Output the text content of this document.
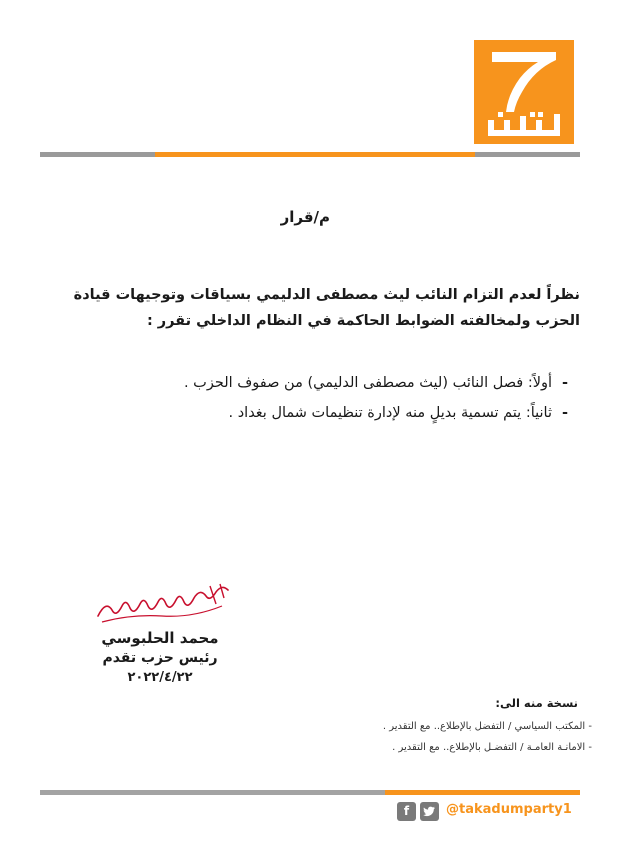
م/قرار
نظراً لعدم التزام النائب ليث مصطفى الدليمي بسياقات وتوجيهات قيادة الحزب ولمخالفته الضوابط الحاكمة في النظام الداخلي تقرر :
- أولاً: فصل النائب (ليث مصطفى الدليمي) من صفوف الحزب .
- ثانياً: يتم تسمية بديلٍ منه لإدارة تنظيمات شمال بغداد .
محمد الحلبوسي
رئيس حزب تقدم
٢٠٢٢/٤/٢٢
نسخة منه الى:
- المكتب السياسي / التفضل بالإطلاع.. مع التقدير .
- الامانـة العامـة / التفضـل بالإطلاع.. مع التقدير .
f	@takadumparty1
